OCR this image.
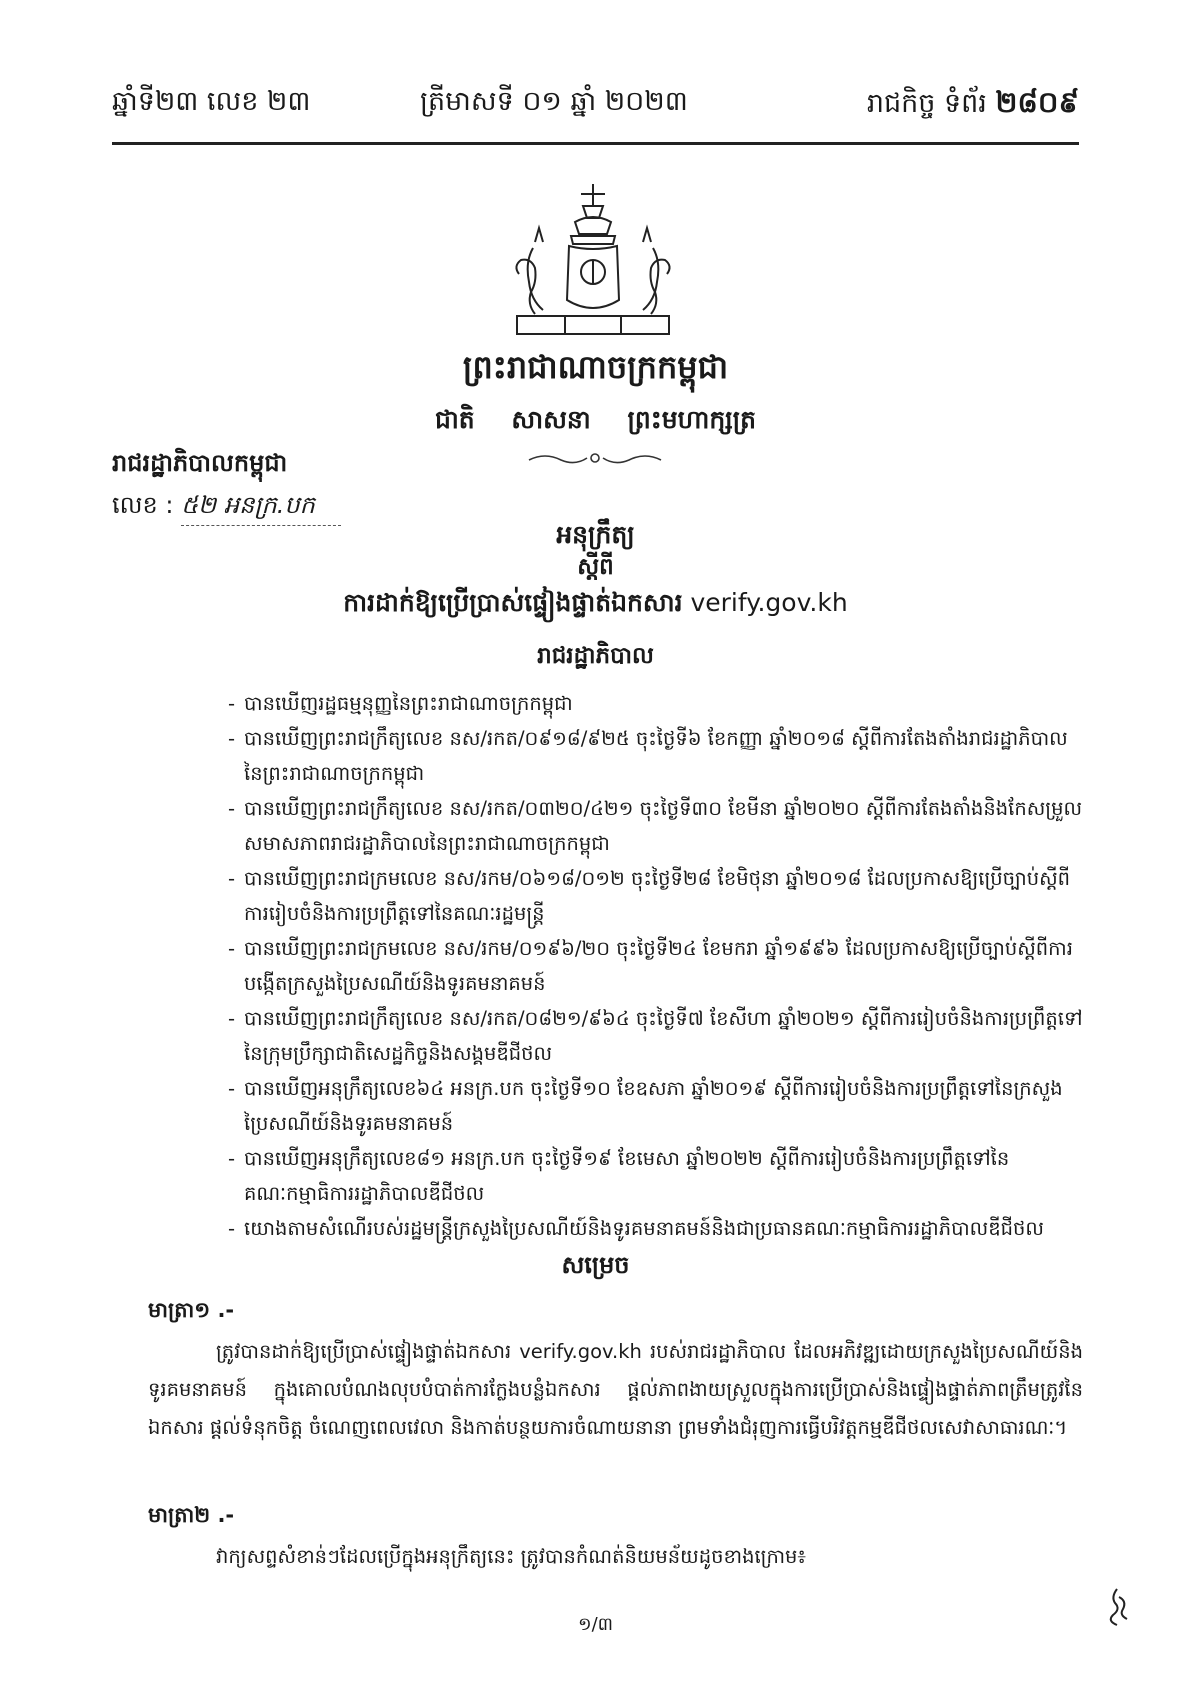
ឆ្នាំទី២៣ លេខ ២៣	ត្រីមាសទី ០១ ឆ្នាំ ២០២៣	រាជកិច្ច ទំព័រ ២៨០៩
ព្រះរាជាណាចក្រកម្ពុជា
ជាតិ សាសនា ព្រះមហាក្សត្រ
រាជរដ្ឋាភិបាលកម្ពុជា
លេខ : ៥២ អនក្រ.បក
អនុក្រឹត្យ
ស្តីពី
ការដាក់ឱ្យប្រើប្រាស់ផ្ទៀងផ្ទាត់ឯកសារ verify.gov.kh
រាជរដ្ឋាភិបាល
- បានឃើញរដ្ឋធម្មនុញ្ញនៃព្រះរាជាណាចក្រកម្ពុជា
- បានឃើញព្រះរាជក្រឹត្យលេខ នស/រកត/០៩១៨/៩២៥ ចុះថ្ងៃទី៦ ខែកញ្ញា ឆ្នាំ២០១៨ ស្តីពីការតែងតាំងរាជរដ្ឋាភិបាលនៃព្រះរាជាណាចក្រកម្ពុជា
- បានឃើញព្រះរាជក្រឹត្យលេខ នស/រកត/០៣២០/៤២១ ចុះថ្ងៃទី៣០ ខែមីនា ឆ្នាំ២០២០ ស្តីពីការតែងតាំងនិងកែសម្រួលសមាសភាពរាជរដ្ឋាភិបាលនៃព្រះរាជាណាចក្រកម្ពុជា
- បានឃើញព្រះរាជក្រមលេខ នស/រកម/០៦១៨/០១២ ចុះថ្ងៃទី២៨ ខែមិថុនា ឆ្នាំ២០១៨ ដែលប្រកាសឱ្យប្រើច្បាប់ស្តីពីការរៀបចំនិងការប្រព្រឹត្តទៅនៃគណៈរដ្ឋមន្ត្រី
- បានឃើញព្រះរាជក្រមលេខ នស/រកម/០១៩៦/២០ ចុះថ្ងៃទី២៤ ខែមករា ឆ្នាំ១៩៩៦ ដែលប្រកាសឱ្យប្រើច្បាប់ស្តីពីការបង្កើតក្រសួងប្រៃសណីយ៍និងទូរគមនាគមន៍
- បានឃើញព្រះរាជក្រឹត្យលេខ នស/រកត/០៨២១/៩៦៤ ចុះថ្ងៃទី៧ ខែសីហា ឆ្នាំ២០២១ ស្តីពីការរៀបចំនិងការប្រព្រឹត្តទៅនៃក្រុមប្រឹក្សាជាតិសេដ្ឋកិច្ចនិងសង្គមឌីជីថល
- បានឃើញអនុក្រឹត្យលេខ៦៤ អនក្រ.បក ចុះថ្ងៃទី១០ ខែឧសភា ឆ្នាំ២០១៩ ស្តីពីការរៀបចំនិងការប្រព្រឹត្តទៅនៃក្រសួងប្រៃសណីយ៍និងទូរគមនាគមន៍
- បានឃើញអនុក្រឹត្យលេខ៨១ អនក្រ.បក ចុះថ្ងៃទី១៩ ខែមេសា ឆ្នាំ២០២២ ស្តីពីការរៀបចំនិងការប្រព្រឹត្តទៅនៃគណៈកម្មាធិការរដ្ឋាភិបាលឌីជីថល
- យោងតាមសំណើរបស់រដ្ឋមន្ត្រីក្រសួងប្រៃសណីយ៍និងទូរគមនាគមន៍និងជាប្រធានគណៈកម្មាធិការរដ្ឋាភិបាលឌីជីថល
សម្រេច
មាត្រា១ .-

ត្រូវបានដាក់ឱ្យប្រើប្រាស់ផ្ទៀងផ្ទាត់ឯកសារ verify.gov.kh របស់រាជរដ្ឋាភិបាល ដែលអភិវឌ្ឍដោយក្រសួងប្រៃសណីយ៍និងទូរគមនាគមន៍ ក្នុងគោលបំណងលុបបំបាត់ការក្លែងបន្លំឯកសារ ផ្តល់ភាពងាយស្រួលក្នុងការប្រើប្រាស់និងផ្ទៀងផ្ទាត់ភាពត្រឹមត្រូវនៃឯកសារ ផ្តល់ទំនុកចិត្ត ចំណេញពេលវេលា និងកាត់បន្ថយការចំណាយនានា ព្រមទាំងជំរុញការធ្វើបរិវត្តកម្មឌីជីថលសេវាសាធារណៈ។

មាត្រា២ .-

វាក្យសព្ទសំខាន់ៗដែលប្រើក្នុងអនុក្រឹត្យនេះ ត្រូវបានកំណត់និយមន័យដូចខាងក្រោម៖

១/៣
